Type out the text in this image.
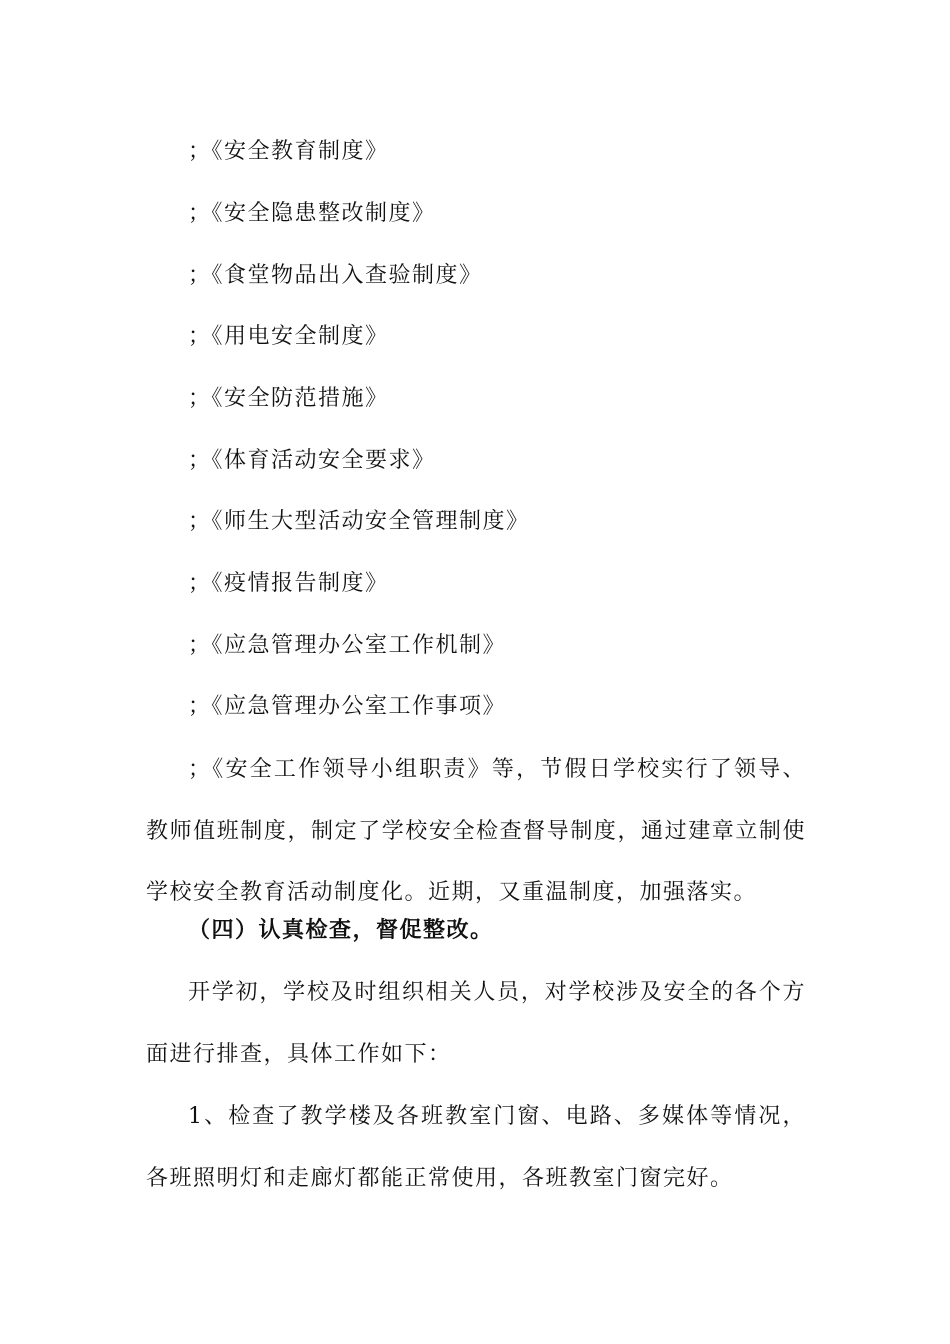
；《安全教育制度》
；《安全隐患整改制度》
；《食堂物品出入查验制度》
；《用电安全制度》
；《安全防范措施》
；《体育活动安全要求》
；《师生大型活动安全管理制度》
；《疫情报告制度》
；《应急管理办公室工作机制》
；《应急管理办公室工作事项》
；《安全工作领导小组职责》等，节假日学校实行了领导、教师值班制度，制定了学校安全检查督导制度，通过建章立制使学校安全教育活动制度化。近期，又重温制度，加强落实。
（四）认真检查，督促整改。
开学初，学校及时组织相关人员，对学校涉及安全的各个方面进行排查，具体工作如下：
1、检查了教学楼及各班教室门窗、电路、多媒体等情况，各班照明灯和走廊灯都能正常使用，各班教室门窗完好。
